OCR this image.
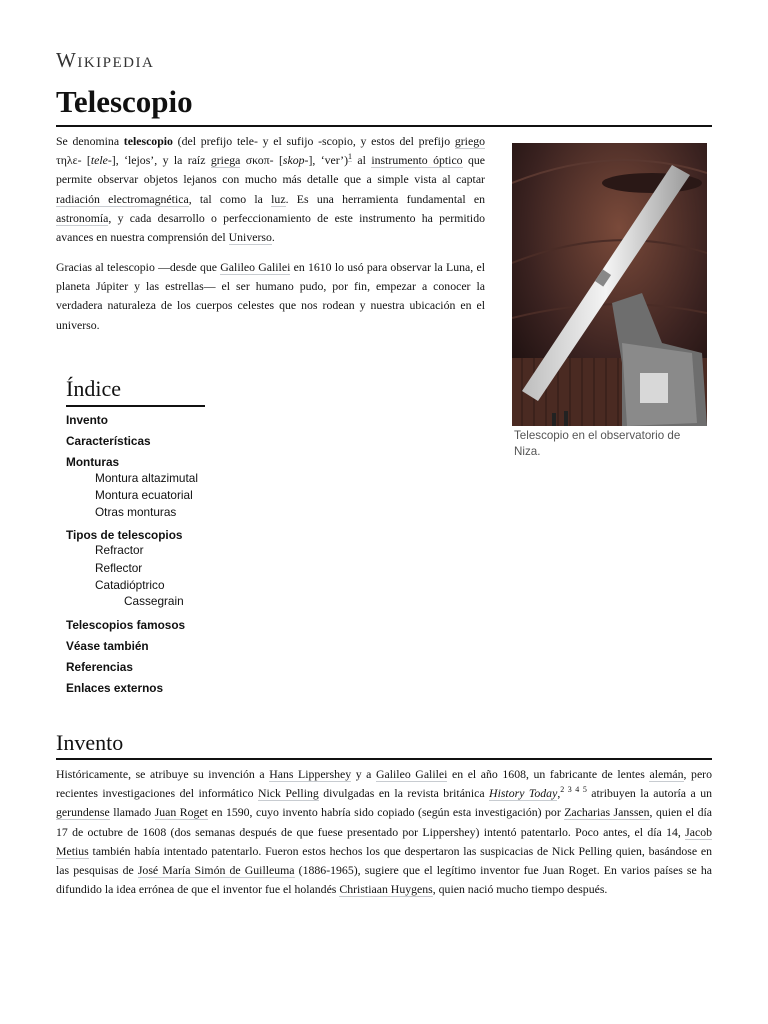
Wikipedia
Telescopio

Se denomina telescopio (del prefijo tele- y el sufijo -scopio, y estos del prefijo griego τηλε- [tele-], ‘lejos’, y la raíz griega σκοπ- [skop-], ‘ver’)$^1$ al instrumento óptico que permite observar objetos lejanos con mucho más detalle que a simple vista al captar radiación electromagnética, tal como la luz. Es una herramienta fundamental en astronomía, y cada desarrollo o perfeccionamiento de este instrumento ha permitido avances en nuestra comprensión del Universo.

Gracias al telescopio —desde que Galileo Galilei en 1610 lo usó para observar la Luna, el planeta Júpiter y las estrellas— el ser humano pudo, por fin, empezar a conocer la verdadera naturaleza de los cuerpos celestes que nos rodean y nuestra ubicación en el universo.

Telescopio en el observatorio de Niza.
Índice
Invento
Características
Monturas
Montura altazimutal
Montura ecuatorial
Otras monturas
Tipos de telescopios
Refractor
Reflector
Catadióptrico
Cassegrain
Telescopios famosos
Véase también
Referencias
Enlaces externos
Invento

Históricamente, se atribuye su invención a Hans Lippershey y a Galileo Galilei en el año 1608, un fabricante de lentes alemán, pero recientes investigaciones del informático Nick Pelling divulgadas en la revista británica History Today,$^{2 3 4 5}$ atribuyen la autoría a un gerundense llamado Juan Roget en 1590, cuyo invento habría sido copiado (según esta investigación) por Zacharias Janssen, quien el día 17 de octubre de 1608 (dos semanas después de que fuese presentado por Lippershey) intentó patentarlo. Poco antes, el día 14, Jacob Metius también había intentado patentarlo. Fueron estos hechos los que despertaron las suspicacias de Nick Pelling quien, basándose en las pesquisas de José María Simón de Guilleuma (1886-1965), sugiere que el legítimo inventor fue Juan Roget. En varios países se ha difundido la idea errónea de que el inventor fue el holandés Christiaan Huygens, quien nació mucho tiempo después.
